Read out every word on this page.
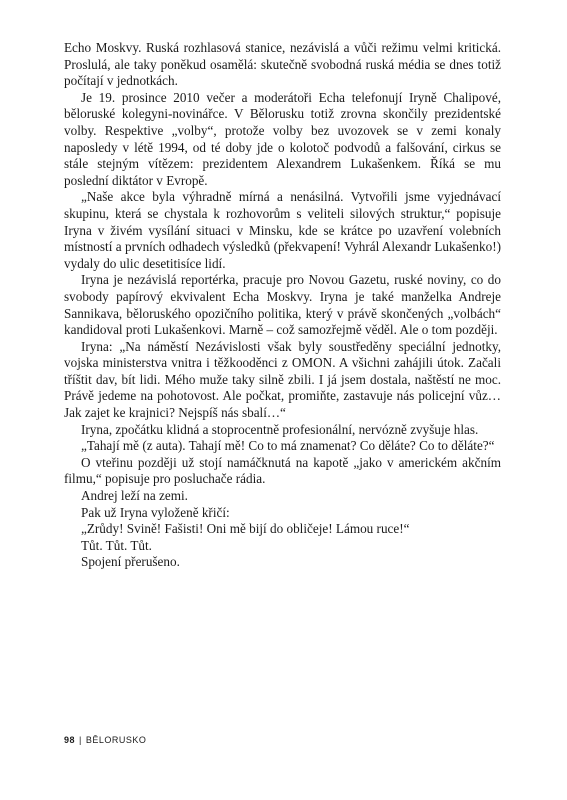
Echo Moskvy. Ruská rozhlasová stanice, nezávislá a vůči režimu velmi kritická. Proslulá, ale taky poněkud osamělá: skutečně svobodná ruská média se dnes totiž počítají v jednotkách.

Je 19. prosince 2010 večer a moderátoři Echa telefonují Iryně Chalipové, běloruské kolegyni-novinářce. V Bělorusku totiž zrovna skončily prezidentské volby. Respektive „volby“, protože volby bez uvozovek se v zemi konaly naposledy v létě 1994, od té doby jde o kolotoč podvodů a falšování, cirkus se stále stejným vítězem: prezidentem Alexandrem Lukašenkem. Říká se mu poslední diktátor v Evropě.

„Naše akce byla výhradně mírná a nenásilná. Vytvořili jsme vyjednávací skupinu, která se chystala k rozhovorům s veliteli silových struktur,“ popisuje Iryna v živém vysílání situaci v Minsku, kde se krátce po uzavření volebních místností a prvních odhadech výsledků (překvapení! Vyhrál Alexandr Lukašenko!) vydaly do ulic desetitisíce lidí.

Iryna je nezávislá reportérka, pracuje pro Novou Gazetu, ruské noviny, co do svobody papírový ekvivalent Echa Moskvy. Iryna je také manželka Andreje Sannikava, běloruského opozičního politika, který v právě skončených „volbách“ kandidoval proti Lukašenkovi. Marně – což samozřejmě věděl. Ale o tom později.

Iryna: „Na náměstí Nezávislosti však byly soustředěny speciální jednotky, vojska ministerstva vnitra i těžkooděnci z OMON. A všichni zahájili útok. Začali tříštit dav, bít lidi. Mého muže taky silně zbili. I já jsem dostala, naštěstí ne moc. Právě jedeme na pohotovost. Ale počkat, promiňte, zastavuje nás policejní vůz… Jak zajet ke krajnici? Nejspíš nás sbalí…“

Iryna, zpočátku klidná a stoprocentně profesionální, nervózně zvyšuje hlas.

„Tahají mě (z auta). Tahají mě! Co to má znamenat? Co děláte? Co to děláte?“

O vteřinu později už stojí namáčknutá na kapotě „jako v americkém akčním filmu,“ popisuje pro posluchače rádia.

Andrej leží na zemi.

Pak už Iryna vyloženě křičí:

„Zrůdy! Svině! Fašisti! Oni mě bijí do obličeje! Lámou ruce!“

Tůt. Tůt. Tůt.

Spojení přerušeno.

98 | BĚLORUSKO
